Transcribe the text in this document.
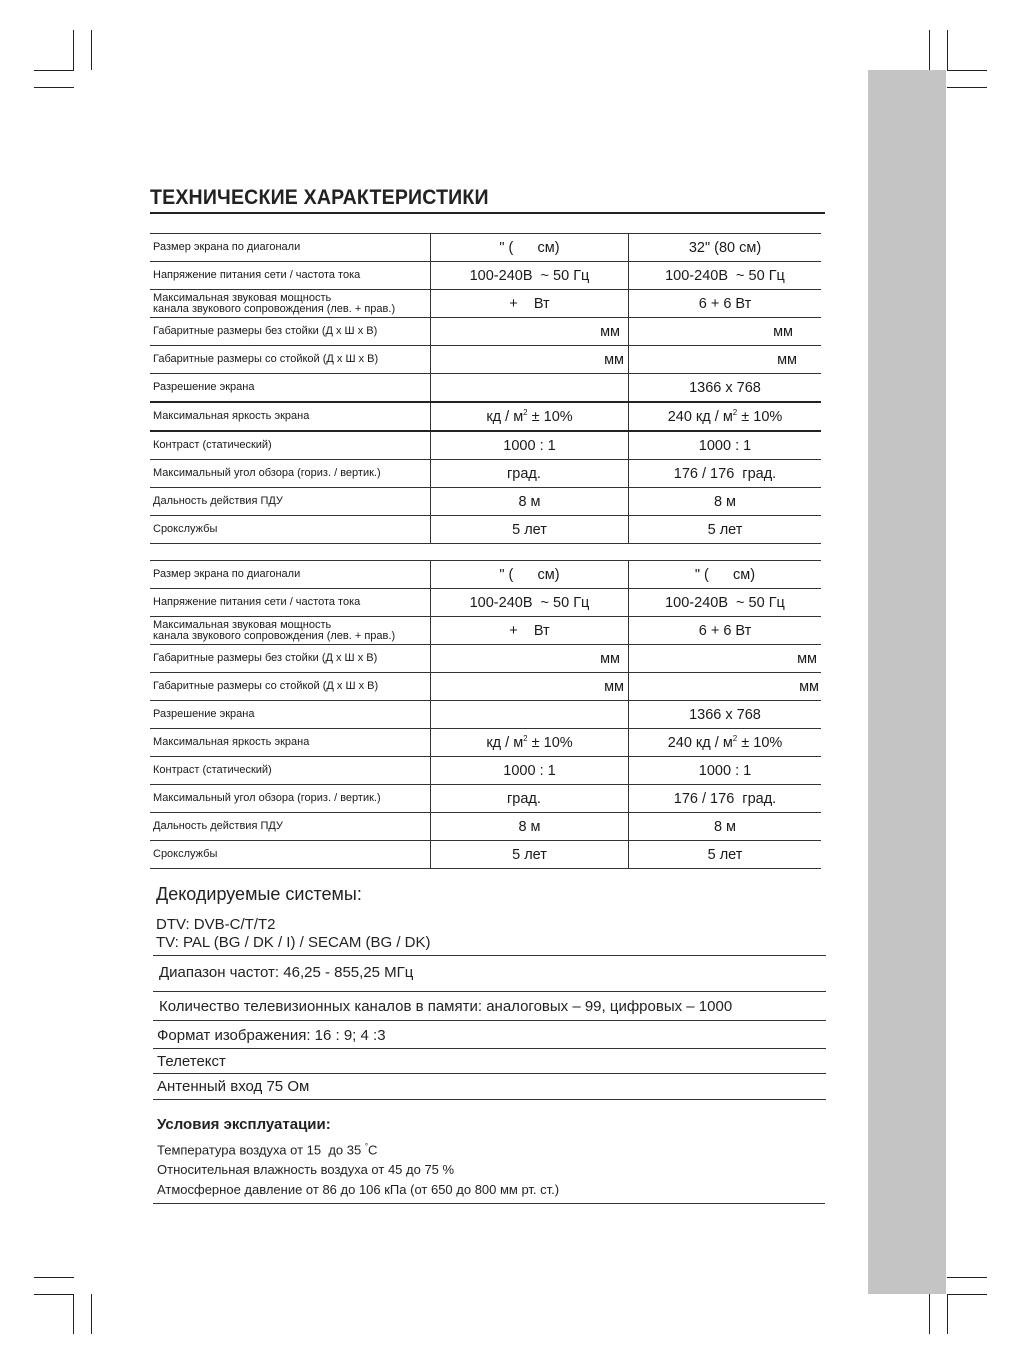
ТЕХНИЧЕСКИЕ ХАРАКТЕРИСТИКИ

Размер экрана по диагонали	" (      см)	32" (80 см)
Напряжение питания сети / частота тока	100-240В  ~ 50 Гц	100-240В  ~ 50 Гц

Максимальная звуковая мощность
канала звукового сопровождения (лев. + прав.)	+    Вт	6 + 6 Вт
Габаритные размеры без стойки (Д х Ш х В)	мм	мм
Габаритные размеры со стойкой (Д х Ш х В)	мм	мм
Разрешение экрана		1366 x 768
Максимальная яркость экрана	кд / $м^2 \pm 10\%$	240 кд / $м^2 \pm 10\%$
Контраст (статический)	1000 : 1	1000 : 1
Максимальный угол обзора (гориз. / вертик.)	град.	176 / 176  град.
Дальность действия ПДУ	8 м	8 м
Срокслужбы	5 лет	5 лет

Размер экрана по диагонали	" (      см)	" (      см)
Напряжение питания сети / частота тока	100-240В  ~ 50 Гц	100-240В  ~ 50 Гц

Максимальная звуковая мощность
канала звукового сопровождения (лев. + прав.)	+    Вт	6 + 6 Вт
Габаритные размеры без стойки (Д х Ш х В)	мм	мм
Габаритные размеры со стойкой (Д х Ш х В)	мм	мм
Разрешение экрана		1366 x 768
Максимальная яркость экрана	кд / $м^2 \pm 10\%$	240 кд / $м^2 \pm 10\%$
Контраст (статический)	1000 : 1	1000 : 1
Максимальный угол обзора (гориз. / вертик.)	град.	176 / 176  град.
Дальность действия ПДУ	8 м	8 м
Срокслужбы	5 лет	5 лет
Декодируемые системы:
DTV: DVB-C/T/T2
TV: PAL (BG / DK / I) / SECAM (BG / DK)
Диапазон частот: 46,25 - 855,25 МГц
Количество телевизионных каналов в памяти: аналоговых – 99, цифровых – 1000
Формат изображения: 16 : 9; 4 :3
Телетекст
Антенный вход 75 Ом
Условия эксплуатации:
Температура воздуха от 15  до 35 °C
Относительная влажность воздуха от 45 до 75 %
Атмосферное давление от 86 до 106 кПа (от 650 до 800 мм рт. ст.)
